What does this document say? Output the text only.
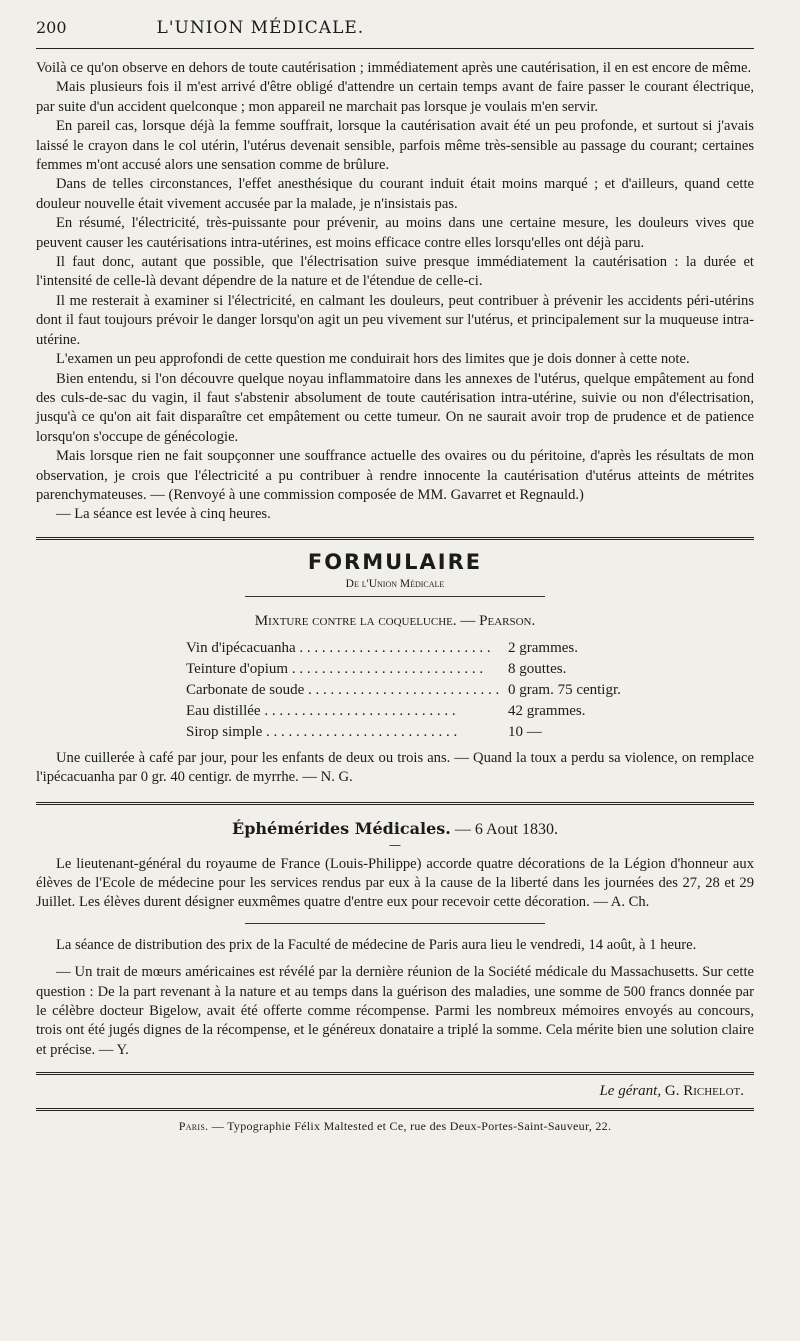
200	L'UNION MÉDICALE.

Voilà ce qu'on observe en dehors de toute cautérisation ; immédiatement après une cautérisation, il en est encore de même.

Mais plusieurs fois il m'est arrivé d'être obligé d'attendre un certain temps avant de faire passer le courant électrique, par suite d'un accident quelconque ; mon appareil ne marchait pas lorsque je voulais m'en servir.

En pareil cas, lorsque déjà la femme souffrait, lorsque la cautérisation avait été un peu profonde, et surtout si j'avais laissé le crayon dans le col utérin, l'utérus devenait sensible, parfois même très-sensible au passage du courant; certaines femmes m'ont accusé alors une sensation comme de brûlure.

Dans de telles circonstances, l'effet anesthésique du courant induit était moins marqué ; et d'ailleurs, quand cette douleur nouvelle était vivement accusée par la malade, je n'insistais pas.

En résumé, l'électricité, très-puissante pour prévenir, au moins dans une certaine mesure, les douleurs vives que peuvent causer les cautérisations intra-utérines, est moins efficace contre elles lorsqu'elles ont déjà paru.

Il faut donc, autant que possible, que l'électrisation suive presque immédiatement la cautérisation : la durée et l'intensité de celle-là devant dépendre de la nature et de l'étendue de celle-ci.

Il me resterait à examiner si l'électricité, en calmant les douleurs, peut contribuer à prévenir les accidents péri-utérins dont il faut toujours prévoir le danger lorsqu'on agit un peu vivement sur l'utérus, et principalement sur la muqueuse intra-utérine.

L'examen un peu approfondi de cette question me conduirait hors des limites que je dois donner à cette note.

Bien entendu, si l'on découvre quelque noyau inflammatoire dans les annexes de l'utérus, quelque empâtement au fond des culs-de-sac du vagin, il faut s'abstenir absolument de toute cautérisation intra-utérine, suivie ou non d'électrisation, jusqu'à ce qu'on ait fait disparaître cet empâtement ou cette tumeur. On ne saurait avoir trop de prudence et de patience lorsqu'on s'occupe de génécologie.

Mais lorsque rien ne fait soupçonner une souffrance actuelle des ovaires ou du péritoine, d'après les résultats de mon observation, je crois que l'électricité a pu contribuer à rendre innocente la cautérisation d'utérus atteints de métrites parenchymateuses. — (Renvoyé à une commission composée de MM. Gavarret et Regnauld.)

— La séance est levée à cinq heures.

FORMULAIRE
De l'Union Médicale
Mixture contre la coqueluche. — Pearson.
Vin d'ipécacuanha . . .	2 grammes.
Teinture d'opium . . .	8 gouttes.
Carbonate de soude . . .	0 gram. 75 centigr.
Eau distillée . . .	42 grammes.
Sirop simple . . .	10 —

Une cuillerée à café par jour, pour les enfants de deux ou trois ans. — Quand la toux a perdu sa violence, on remplace l'ipécacuanha par 0 gr. 40 centigr. de myrrhe. — N. G.

Éphémérides Médicales. — 6 Aout 1830.
—

Le lieutenant-général du royaume de France (Louis-Philippe) accorde quatre décorations de la Légion d'honneur aux élèves de l'Ecole de médecine pour les services rendus par eux à la cause de la liberté dans les journées des 27, 28 et 29 Juillet. Les élèves durent désigner euxmêmes quatre d'entre eux pour recevoir cette décoration. — A. Ch.

La séance de distribution des prix de la Faculté de médecine de Paris aura lieu le vendredi, 14 août, à 1 heure.

— Un trait de mœurs américaines est révélé par la dernière réunion de la Société médicale du Massachusetts. Sur cette question : De la part revenant à la nature et au temps dans la guérison des maladies, une somme de 500 francs donnée par le célèbre docteur Bigelow, avait été offerte comme récompense. Parmi les nombreux mémoires envoyés au concours, trois ont été jugés dignes de la récompense, et le généreux donataire a triplé la somme. Cela mérite bien une solution claire et précise. — Y.

Le gérant, G. Richelot.
Paris. — Typographie Félix Maltested et Ce, rue des Deux-Portes-Saint-Sauveur, 22.
